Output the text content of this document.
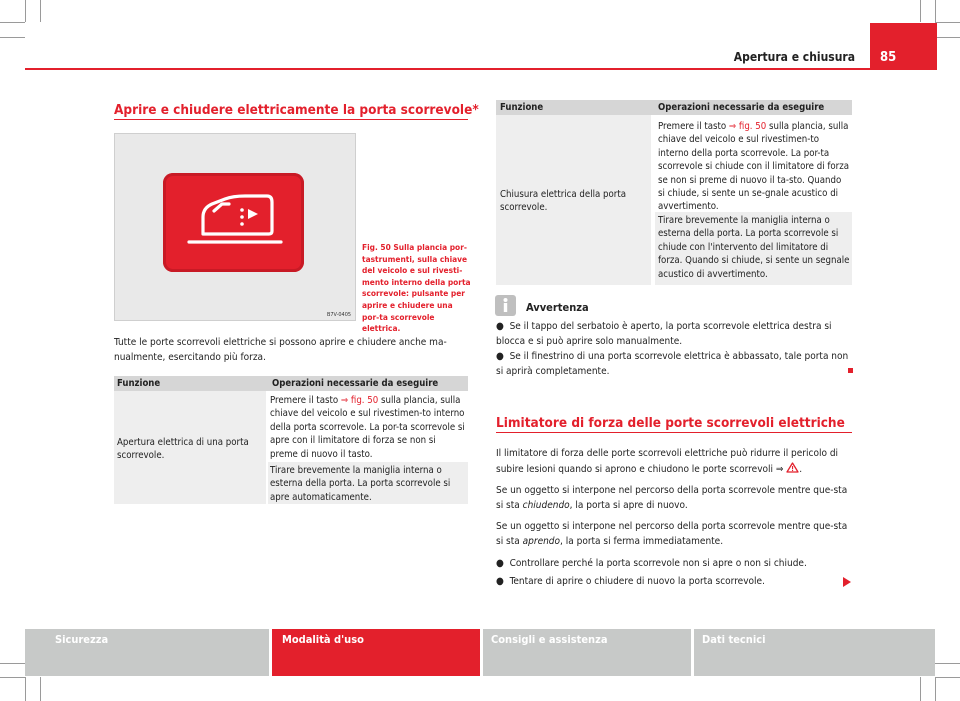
Apertura e chiusura 85
Aprire e chiudere elettricamente la porta scorrevole*
B7V-0405
Fig. 50 Sulla plancia por-tastrumenti, sulla chiave del veicolo e sul rivesti-mento interno della porta scorrevole: pulsante per aprire e chiudere una por-ta scorrevole elettrica.
Tutte le porte scorrevoli elettriche si possono aprire e chiudere anche ma-nualmente, esercitando più forza.
Funzione	Operazioni necessarie da eseguire
Apertura elettrica di una porta scorrevole.
Premere il tasto ⇒ fig. 50 sulla plancia, sulla chiave del veicolo e sul rivestimen-to interno della porta scorrevole. La por-ta scorrevole si apre con il limitatore di forza se non si preme di nuovo il tasto.
Tirare brevemente la maniglia interna o esterna della porta. La porta scorrevole si apre automaticamente.
Funzione	Operazioni necessarie da eseguire
Chiusura elettrica della porta scorrevole.
Premere il tasto ⇒ fig. 50 sulla plancia, sulla chiave del veicolo e sul rivestimen-to interno della porta scorrevole. La por-ta scorrevole si chiude con il limitatore di forza se non si preme di nuovo il ta-sto. Quando si chiude, si sente un se-gnale acustico di avvertimento.
Tirare brevemente la maniglia interna o esterna della porta. La porta scorrevole si chiude con l'intervento del limitatore di forza. Quando si chiude, si sente un segnale acustico di avvertimento.
Avvertenza
● Se il tappo del serbatoio è aperto, la porta scorrevole elettrica destra si blocca e si può aprire solo manualmente.
● Se il finestrino di una porta scorrevole elettrica è abbassato, tale porta non si aprirà completamente.
Limitatore di forza delle porte scorrevoli elettriche
Il limitatore di forza delle porte scorrevoli elettriche può ridurre il pericolo di subire lesioni quando si aprono e chiudono le porte scorrevoli ⇒ .
Se un oggetto si interpone nel percorso della porta scorrevole mentre que-sta si sta chiudendo, la porta si apre di nuovo.
Se un oggetto si interpone nel percorso della porta scorrevole mentre que-sta si sta aprendo, la porta si ferma immediatamente.
● Controllare perché la porta scorrevole non si apre o non si chiude.
● Tentare di aprire o chiudere di nuovo la porta scorrevole.
Sicurezza	Modalità d'uso	Consigli e assistenza	Dati tecnici
